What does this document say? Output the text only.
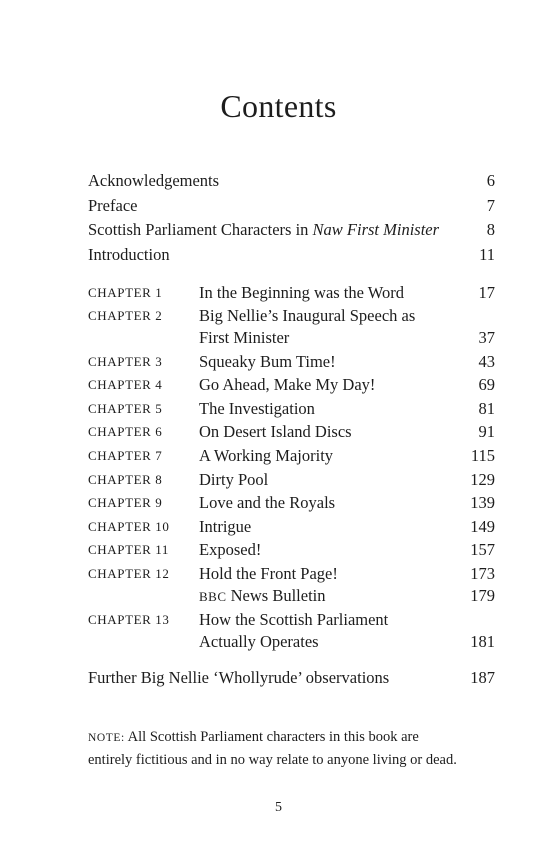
Contents
Acknowledgements	6
Preface	7
Scottish Parliament Characters in Naw First Minister	8
Introduction	11
CHAPTER 1 In the Beginning was the Word	17
CHAPTER 2 Big Nellie’s Inaugural Speech as
First Minister	37
CHAPTER 3 Squeaky Bum Time!	43
CHAPTER 4 Go Ahead, Make My Day!	69
CHAPTER 5 The Investigation	81
CHAPTER 6 On Desert Island Discs	91
CHAPTER 7 A Working Majority	115
CHAPTER 8 Dirty Pool	129
CHAPTER 9 Love and the Royals	139
CHAPTER 10 Intrigue	149
CHAPTER 11 Exposed!	157
CHAPTER 12 Hold the Front Page!	173
BBC News Bulletin	179
CHAPTER 13 How the Scottish Parliament
Actually Operates	181
Further Big Nellie ‘Whollyrude’ observations	187
NOTE: All Scottish Parliament characters in this book are
entirely fictitious and in no way relate to anyone living or dead.
5
